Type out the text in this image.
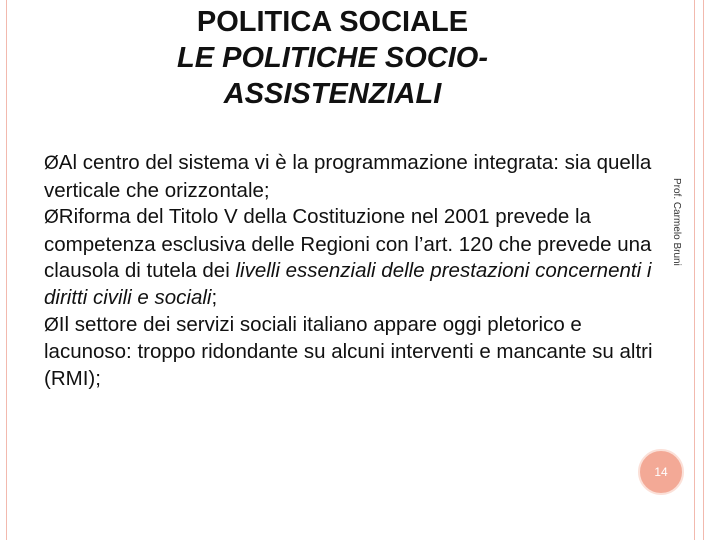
POLITICA SOCIALE
LE POLITICHE SOCIO-
ASSISTENZIALI

ØAl centro del sistema vi è la programmazione integrata: sia quella verticale che orizzontale;

ØRiforma del Titolo V della Costituzione nel 2001 prevede la competenza esclusiva delle Regioni con l’art. 120 che prevede una clausola di tutela dei livelli essenziali delle prestazioni concernenti i diritti civili e sociali;

ØIl settore dei servizi sociali italiano appare oggi pletorico e lacunoso: troppo ridondante su alcuni interventi e mancante su altri (RMI);

Prof. Carmelo Bruni
14
